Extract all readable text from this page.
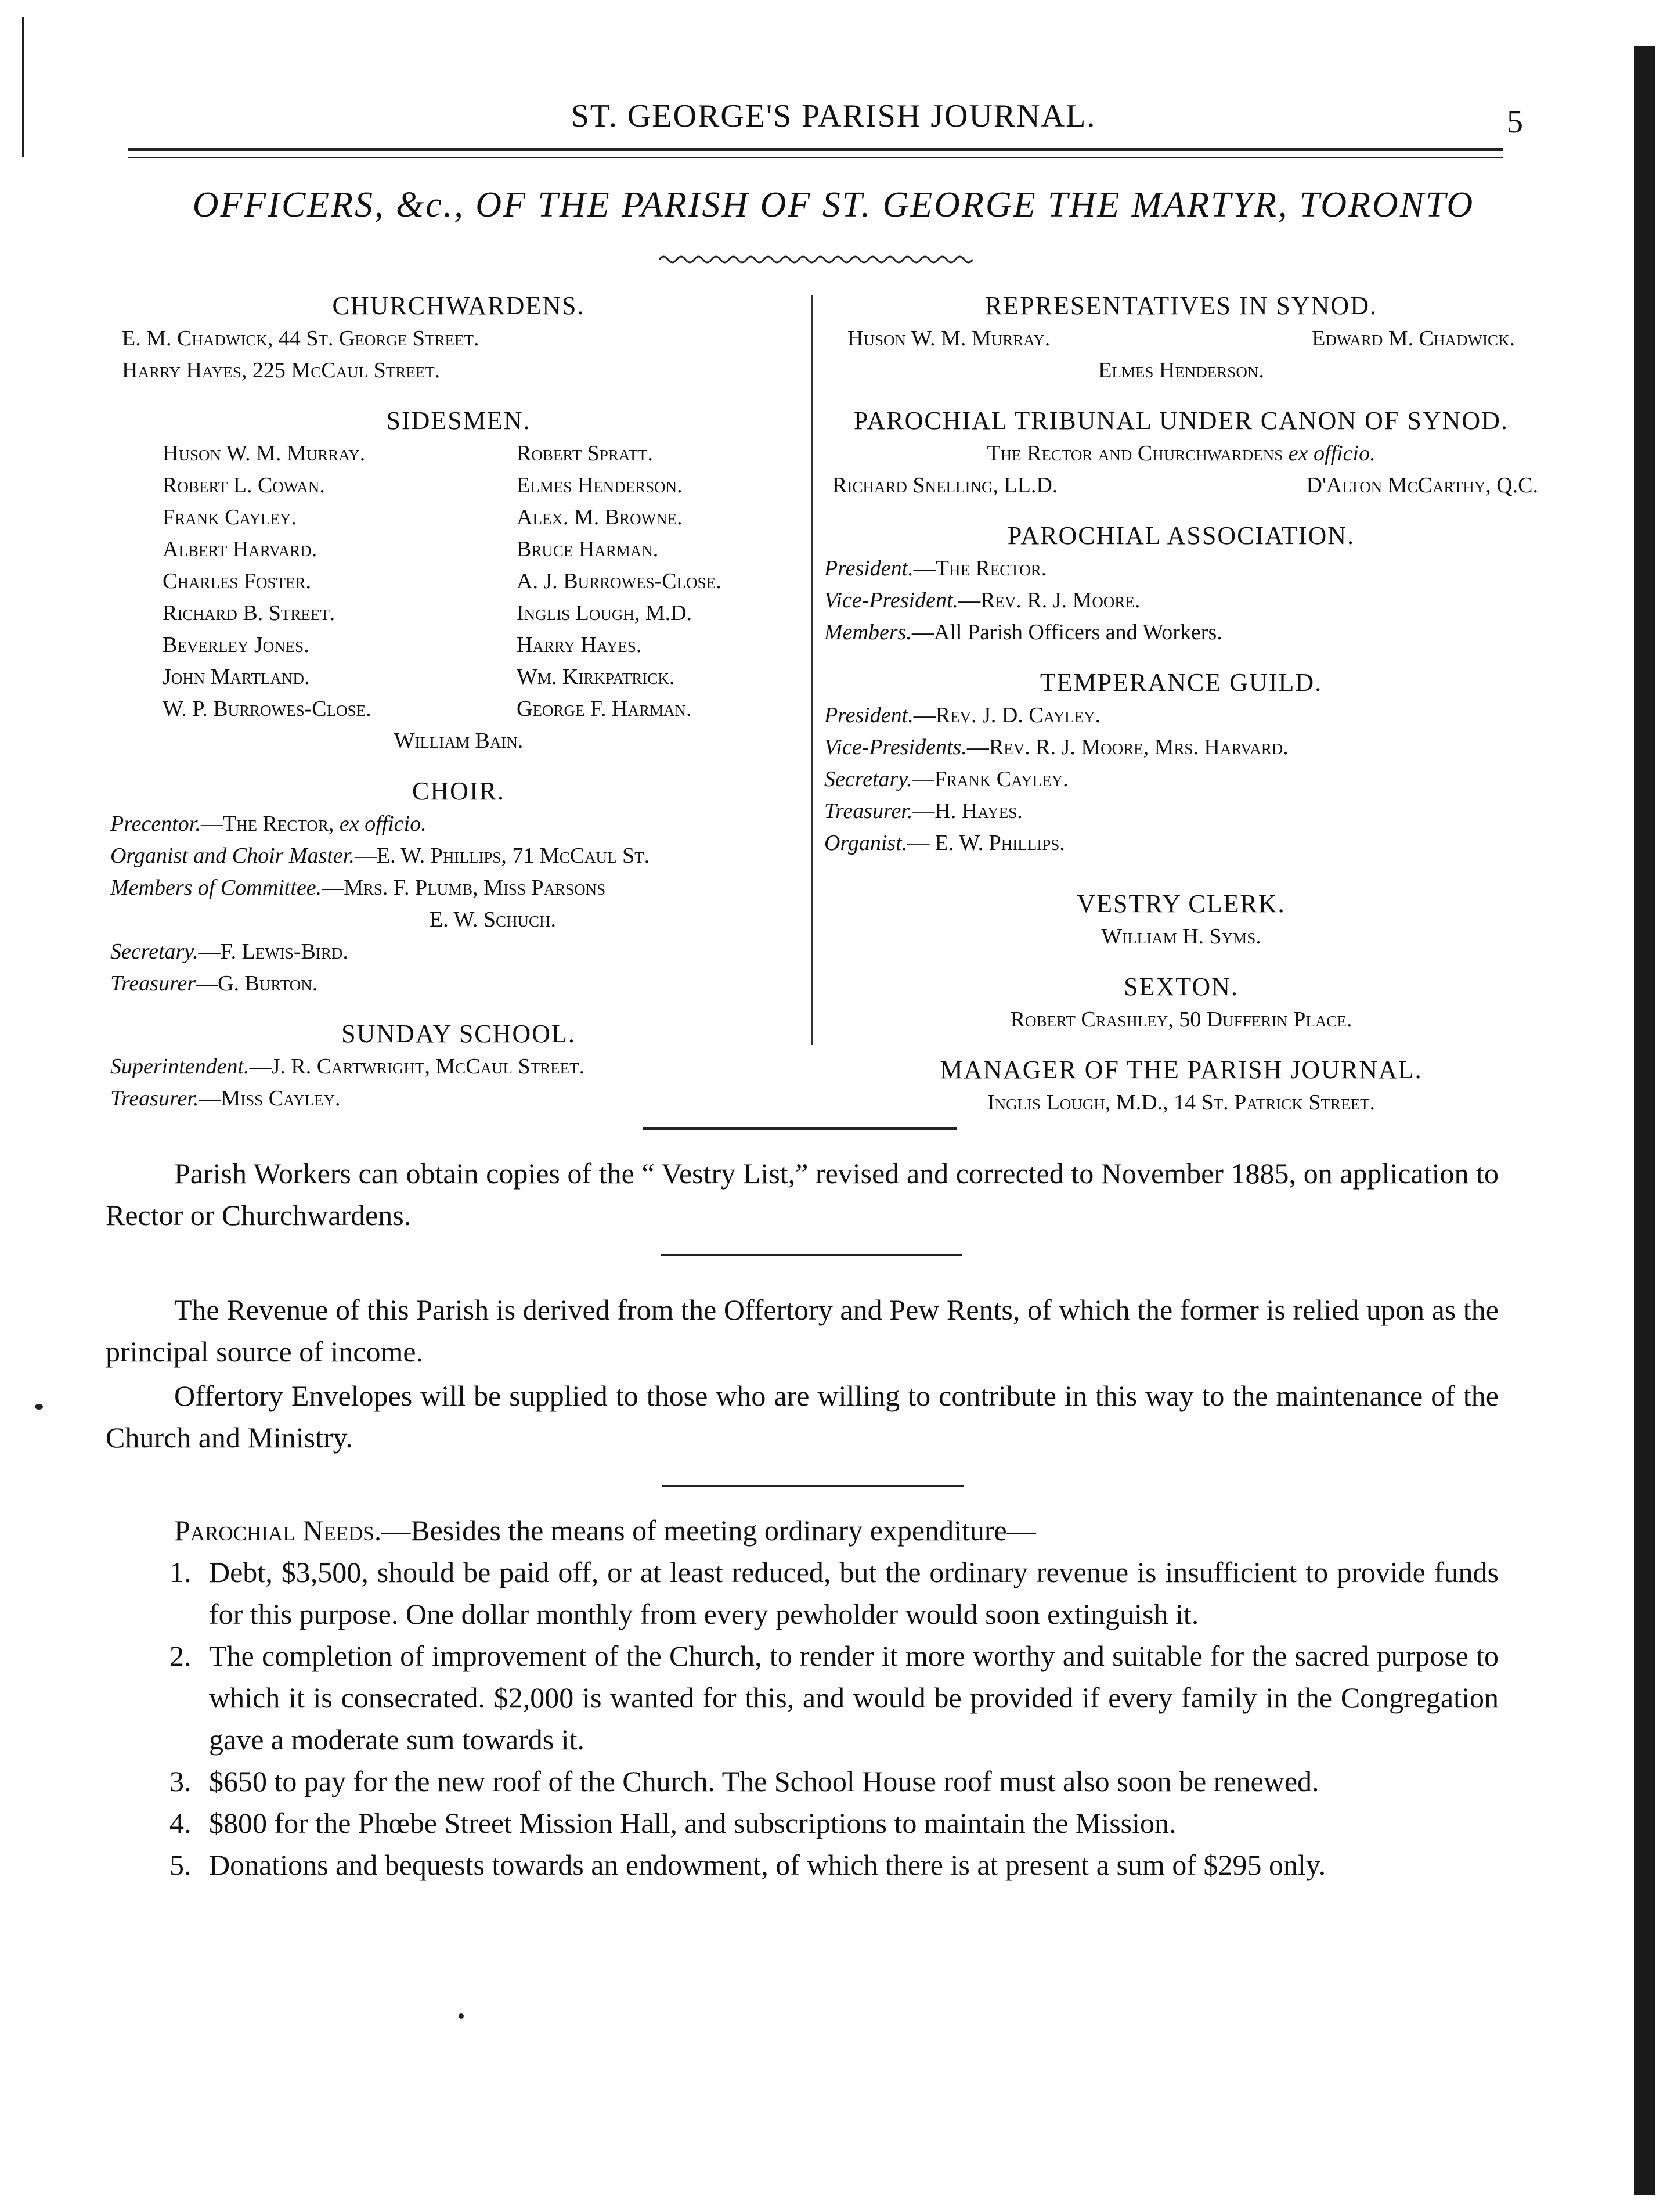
ST. GEORGE'S PARISH JOURNAL.	5
OFFICERS, &c., OF THE PARISH OF ST. GEORGE THE MARTYR, TORONTO
CHURCHWARDENS.
E. M. Chadwick, 44 St. George Street.
Harry Hayes, 225 McCaul Street.
SIDESMEN.
Huson W. M. Murray.	Robert Spratt.
Robert L. Cowan.	Elmes Henderson.
Frank Cayley.	Alex. M. Browne.
Albert Harvard.	Bruce Harman.
Charles Foster.	A. J. Burrowes-Close.
Richard B. Street.	Inglis Lough, M.D.
Beverley Jones.	Harry Hayes.
John Martland.	Wm. Kirkpatrick.
W. P. Burrowes-Close.	George F. Harman.
William Bain.
CHOIR.
Precentor.—The Rector, ex officio.
Organist and Choir Master.—E. W. Phillips, 71 McCaul St.
Members of Committee.—Mrs. F. Plumb, Miss Parsons
E. W. Schuch.
Secretary.—F. Lewis-Bird.
Treasurer—G. Burton.
SUNDAY SCHOOL.
Superintendent.—J. R. Cartwright, McCaul Street.
Treasurer.—Miss Cayley.
REPRESENTATIVES IN SYNOD.
Huson W. M. Murray.	Edward M. Chadwick.
Elmes Henderson.
PAROCHIAL TRIBUNAL UNDER CANON OF SYNOD.
The Rector and Churchwardens ex officio.
Richard Snelling, LL.D.	D'Alton McCarthy, Q.C.
PAROCHIAL ASSOCIATION.
President.—The Rector.
Vice-President.—Rev. R. J. Moore.
Members.—All Parish Officers and Workers.
TEMPERANCE GUILD.
President.—Rev. J. D. Cayley.
Vice-Presidents.—Rev. R. J. Moore, Mrs. Harvard.
Secretary.—Frank Cayley.
Treasurer.—H. Hayes.
Organist.— E. W. Phillips.
VESTRY CLERK.
William H. Syms.
SEXTON.
Robert Crashley, 50 Dufferin Place.
MANAGER OF THE PARISH JOURNAL.
Inglis Lough, M.D., 14 St. Patrick Street.
Parish Workers can obtain copies of the “ Vestry List,” revised and corrected to November 1885, on application to Rector or Churchwardens.
The Revenue of this Parish is derived from the Offertory and Pew Rents, of which the former is relied upon as the principal source of income.
Offertory Envelopes will be supplied to those who are willing to contribute in this way to the maintenance of the Church and Ministry.
Parochial Needs.—Besides the means of meeting ordinary expenditure—
1. Debt, $3,500, should be paid off, or at least reduced, but the ordinary revenue is insufficient to provide funds for this purpose. One dollar monthly from every pewholder would soon extinguish it.
2. The completion of improvement of the Church, to render it more worthy and suitable for the sacred purpose to which it is consecrated. $2,000 is wanted for this, and would be provided if every family in the Congregation gave a moderate sum towards it.
3. $650 to pay for the new roof of the Church. The School House roof must also soon be renewed.
4. $800 for the Phœbe Street Mission Hall, and subscriptions to maintain the Mission.
5. Donations and bequests towards an endowment, of which there is at present a sum of $295 only.
